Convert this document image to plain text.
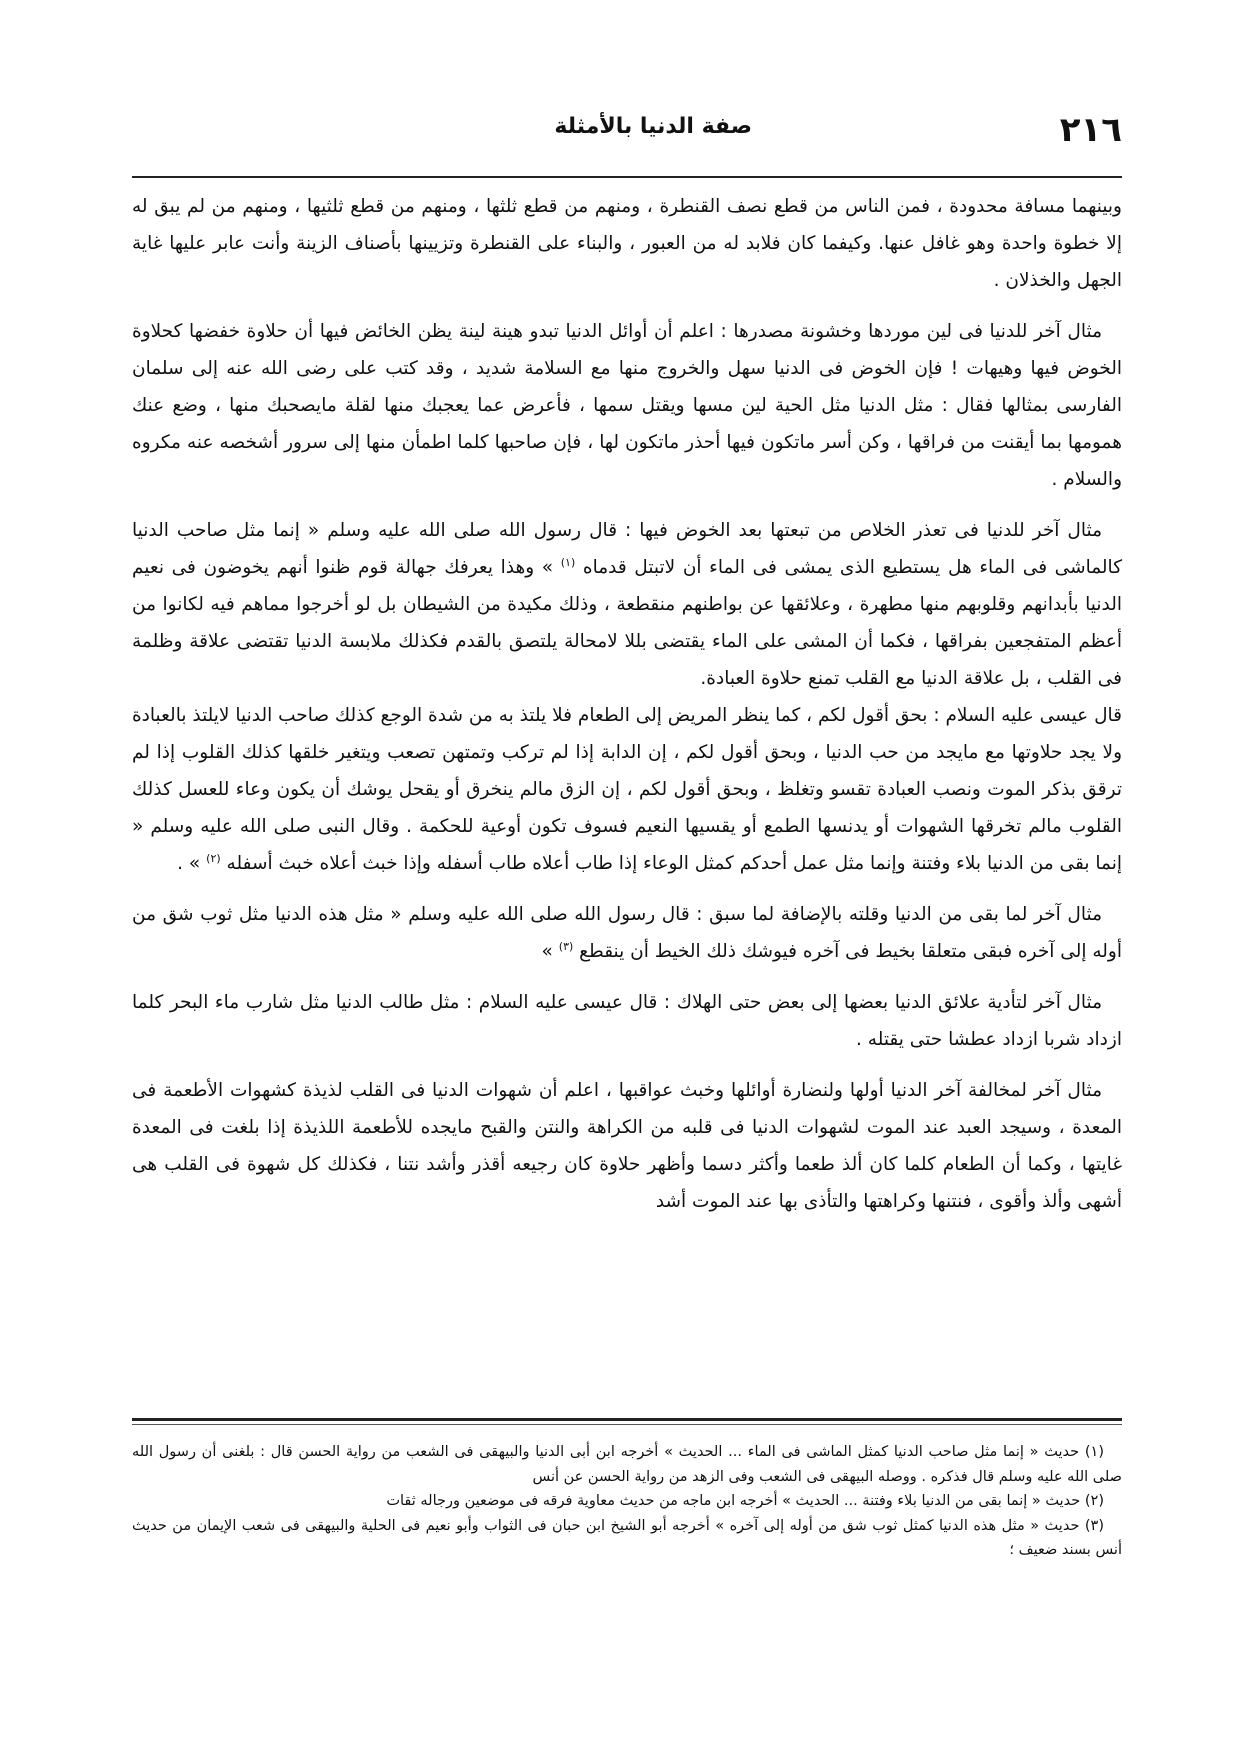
٢١٦
صفة الدنيا بالأمثلة

وبينهما مسافة محدودة ، فمن الناس من قطع نصف القنطرة ، ومنهم من قطع ثلثها ، ومنهم من قطع ثلثيها ، ومنهم من لم يبق له إلا خطوة واحدة وهو غافل عنها. وكيفما كان فلابد له من العبور ، والبناء على القنطرة وتزيينها بأصناف الزينة وأنت عابر عليها غاية الجهل والخذلان .

مثال آخر للدنيا فى لين موردها وخشونة مصدرها : اعلم أن أوائل الدنيا تبدو هينة لينة يظن الخائض فيها أن حلاوة خفضها كحلاوة الخوض فيها وهيهات ! فإن الخوض فى الدنيا سهل والخروج منها مع السلامة شديد ، وقد كتب على رضى الله عنه إلى سلمان الفارسى بمثالها فقال : مثل الدنيا مثل الحية لين مسها ويقتل سمها ، فأعرض عما يعجبك منها لقلة مايصحبك منها ، وضع عنك همومها بما أيقنت من فراقها ، وكن أسر ماتكون فيها أحذر ماتكون لها ، فإن صاحبها كلما اطمأن منها إلى سرور أشخصه عنه مكروه والسلام .

مثال آخر للدنيا فى تعذر الخلاص من تبعتها بعد الخوض فيها : قال رسول الله صلى الله عليه وسلم « إنما مثل صاحب الدنيا كالماشى فى الماء هل يستطيع الذى يمشى فى الماء أن لاتبتل قدماه $^{(١)}$ » وهذا يعرفك جهالة قوم ظنوا أنهم يخوضون فى نعيم الدنيا بأبدانهم وقلوبهم منها مطهرة ، وعلائقها عن بواطنهم منقطعة ، وذلك مكيدة من الشيطان بل لو أخرجوا مماهم فيه لكانوا من أعظم المتفجعين بفراقها ، فكما أن المشى على الماء يقتضى بللا لامحالة يلتصق بالقدم فكذلك ملابسة الدنيا تقتضى علاقة وظلمة فى القلب ، بل علاقة الدنيا مع القلب تمنع حلاوة العبادة.

قال عيسى عليه السلام : بحق أقول لكم ، كما ينظر المريض إلى الطعام فلا يلتذ به من شدة الوجع كذلك صاحب الدنيا لايلتذ بالعبادة ولا يجد حلاوتها مع مايجد من حب الدنيا ، وبحق أقول لكم ، إن الدابة إذا لم تركب وتمتهن تصعب ويتغير خلقها كذلك القلوب إذا لم ترقق بذكر الموت ونصب العبادة تقسو وتغلظ ، وبحق أقول لكم ، إن الزق مالم ينخرق أو يقحل يوشك أن يكون وعاء للعسل كذلك القلوب مالم تخرقها الشهوات أو يدنسها الطمع أو يقسيها النعيم فسوف تكون أوعية للحكمة . وقال النبى صلى الله عليه وسلم « إنما بقى من الدنيا بلاء وفتنة وإنما مثل عمل أحدكم كمثل الوعاء إذا طاب أعلاه طاب أسفله وإذا خبث أعلاه خبث أسفله $^{(٢)}$ » .

مثال آخر لما بقى من الدنيا وقلته بالإضافة لما سبق : قال رسول الله صلى الله عليه وسلم « مثل هذه الدنيا مثل ثوب شق من أوله إلى آخره فبقى متعلقا بخيط فى آخره فيوشك ذلك الخيط أن ينقطع $^{(٣)}$ »

مثال آخر لتأدية علائق الدنيا بعضها إلى بعض حتى الهلاك : قال عيسى عليه السلام : مثل طالب الدنيا مثل شارب ماء البحر كلما ازداد شربا ازداد عطشا حتى يقتله .

مثال آخر لمخالفة آخر الدنيا أولها ولنضارة أوائلها وخبث عواقبها ، اعلم أن شهوات الدنيا فى القلب لذيذة كشهوات الأطعمة فى المعدة ، وسيجد العبد عند الموت لشهوات الدنيا فى قلبه من الكراهة والنتن والقبح مايجده للأطعمة اللذيذة إذا بلغت فى المعدة غايتها ، وكما أن الطعام كلما كان ألذ طعما وأكثر دسما وأظهر حلاوة كان رجيعه أقذر وأشد نتنا ، فكذلك كل شهوة فى القلب هى أشهى وألذ وأقوى ، فنتنها وكراهتها والتأذى بها عند الموت أشد

(١) حديث « إنما مثل صاحب الدنيا كمثل الماشى فى الماء ... الحديث » أخرجه ابن أبى الدنيا والبيهقى فى الشعب من رواية الحسن قال : بلغنى أن رسول الله صلى الله عليه وسلم قال فذكره . ووصله البيهقى فى الشعب وفى الزهد من رواية الحسن عن أنس

(٢) حديث « إنما بقى من الدنيا بلاء وفتنة ... الحديث » أخرجه ابن ماجه من حديث معاوية فرقه فى موضعين ورجاله ثقات

(٣) حديث « مثل هذه الدنيا كمثل ثوب شق من أوله إلى آخره » أخرجه أبو الشيخ ابن حبان فى الثواب وأبو نعيم فى الحلية والبيهقى فى شعب الإيمان من حديث أنس بسند ضعيف ؛
